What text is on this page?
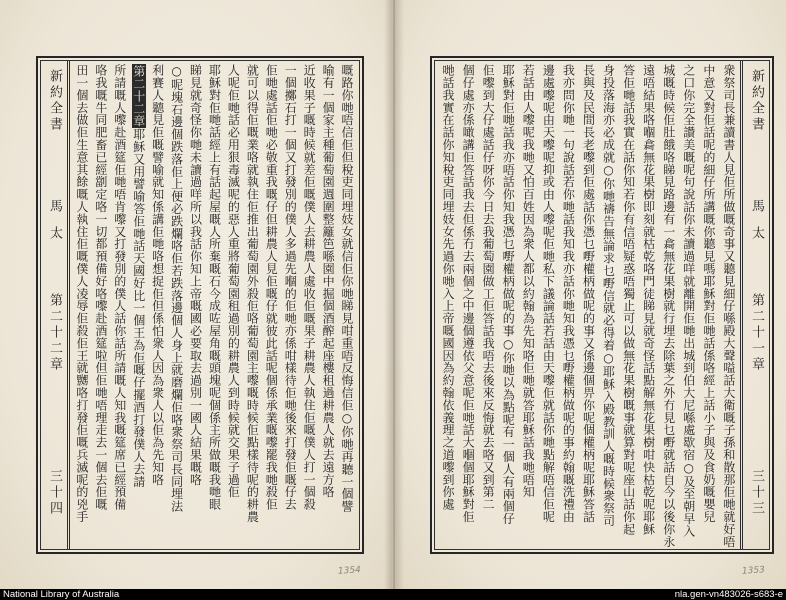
新約全書
馬太
第二十一章
三十三
衆祭司長兼讀書人見佢所做嘅奇事又聽見細仔喺殿大聲嗌話大衛嘅子孫和散那佢哋就好唔
中意又對佢話呢的細仔所講嘅你聽見嗎耶穌對佢哋話係咯經上話小子與及食奶嘅嬰兒
之口你完全讚美嘅呢句說話你未讀過咩就離開佢哋出城到伯大尼喺處歇宿○及至朝早入
城嘅時候佢肚餓咯睇見路邊有一樖無花果樹就行埋去除葉之外冇見乜嘢就話自今以後你永
遠唔結果咯嗰樖無花果樹即刻就枯乾咯門徒睇見就奇怪話點解無花果樹咁快枯乾呢耶穌
答佢哋話我實在話你知若你有信唔疑惑唔獨止可以做無花果樹嘅事就算對呢座山話你起
身投落海亦必成就○你哋禱告無論求乜嘢信就必得着○耶穌入殿教訓人嘅時候衆祭司
長與及民間長老嚟到佢處話你憑乜嘢權柄做呢的事又係邊個畀你呢個權柄呢耶穌答話
我亦問你哋一句說話若你哋話我知我亦話你哋知我憑乜嘢權柄做呢的事約翰嘅洗禮由
邊處嚟呢由天嚟呢抑或由人嚟呢佢哋私下議論話若話由天嚟佢就話你哋點解唔信佢呢
若話由人嚟呢我哋又怕百姓因為衆人都以約翰為先知咯佢哋就答耶穌話我哋唔知
耶穌對佢哋話我亦唔話你知我憑乜嘢權柄做呢的事○你哋以為點呢有一個人有兩個仔
佢嚟到大仔處話仔呀你今日去我葡萄園做工佢答話我唔去後來反悔就去咯又到第二
個仔處亦係噉講佢答話我去但係冇去兩個之中邊個遵依父意呢佢哋話大嗰個耶穌對佢
哋話我實在話你知稅吏同埋妓女先過你哋入上帝嘅國因為約翰依義理之道嚟到你處
新約全書
馬太
第二十二章
三十四	嘅路你哋唔信佢但稅吏同埋妓女就信佢你哋睇見咁重唔反悔信佢○你哋再聽一個譬
喻有一個家主種葡萄園週圍整籬笆喺園中掘個酒醡起座樓租過耕農人就去遠方咯
近收果子嘅時候就差佢嘅僕人去耕農人處收佢嘅果子耕農人執住佢嘅僕人打一個殺
一個擲石打一個又打發別的僕人多過先嗰的佢哋亦係咁樣待佢哋後來打發佢嘅仔去
佢哋處話佢哋必敬重我嘅仔但耕農人見佢嘅仔就彼此話呢個係承業嘅嚟罷我哋殺佢
就可以得佢嘅業咯就執住佢推出葡萄園外殺佢咯葡萄園主嚟嘅時候佢點樣待呢的耕農
人呢佢哋話必用狠毒滅呢的惡人重將葡萄園租過別的耕農人到時候就交果子過佢
耶穌對佢哋話經上有話起屋嘅人所棄嘅石今成咗屋角嘅頭塊呢個係主所做嘅我哋眼
睇見就奇怪你哋未讀過咩所以我話你知上帝嘅國必要取去過別一國人結果嘅咯
○呢塊石邊個跌落佢上便必跌爛咯佢若跌落邊個人身上就磨爛佢咯衆祭司長同埋法
利賽人聽見佢嘅譬喻就知係講佢哋咯想捉佢但係怕衆人因為衆人以佢為先知咯
第二十二章耶穌又用譬喻答佢哋話天國好比一個王為佢嘅仔擺酒打發僕人去請
所請嘅人嚟赴酒筵佢哋唔肯嚟又打發別的僕人話你話所請嘅人知我嘅筵席已經預備
咯我嘅牛同肥畜已經劏定咯一切都預備好咯嚟赴酒筵啦但佢哋唔理走去一個去佢嘅
田一個去做佢生意其餘嘅人執住佢嘅僕人凌辱佢殺佢王就嬲咯打發佢嘅兵滅呢的兇手
1354	1353
National Library of Australia	nla.gen-vn483026-s683-e
